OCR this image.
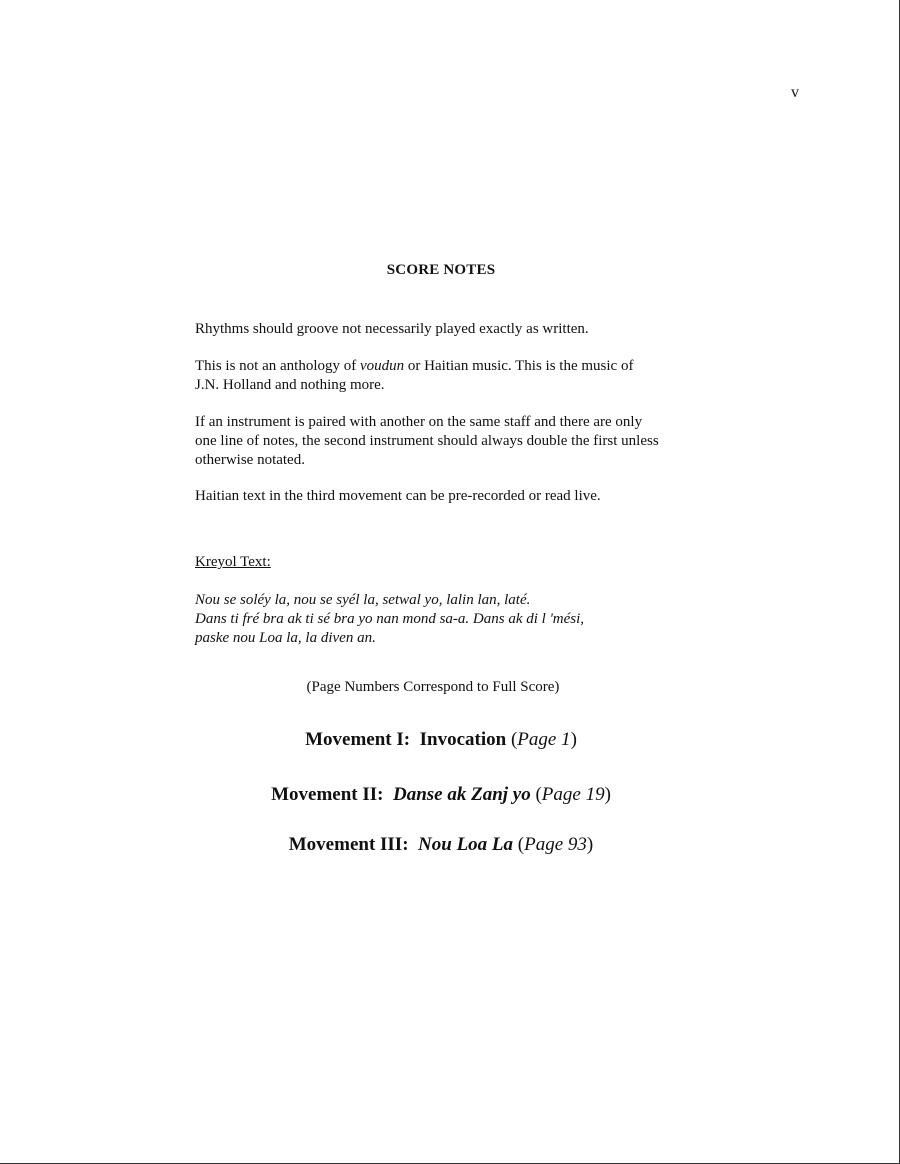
v
SCORE NOTES
Rhythms should groove not necessarily played exactly as written.
This is not an anthology of voudun or Haitian music. This is the music of
J.N. Holland and nothing more.
If an instrument is paired with another on the same staff and there are only
one line of notes, the second instrument should always double the first unless
otherwise notated.
Haitian text in the third movement can be pre-recorded or read live.
Kreyol Text:
Nou se soléy la, nou se syél la, setwal yo, lalin lan, laté.
Dans ti fré bra ak ti sé bra yo nan mond sa-a. Dans ak di l 'mési,
paske nou Loa la, la diven an.
(Page Numbers Correspond to Full Score)
Movement I: Invocation (Page 1)
Movement II: Danse ak Zanj yo (Page 19)
Movement III: Nou Loa La (Page 93)
